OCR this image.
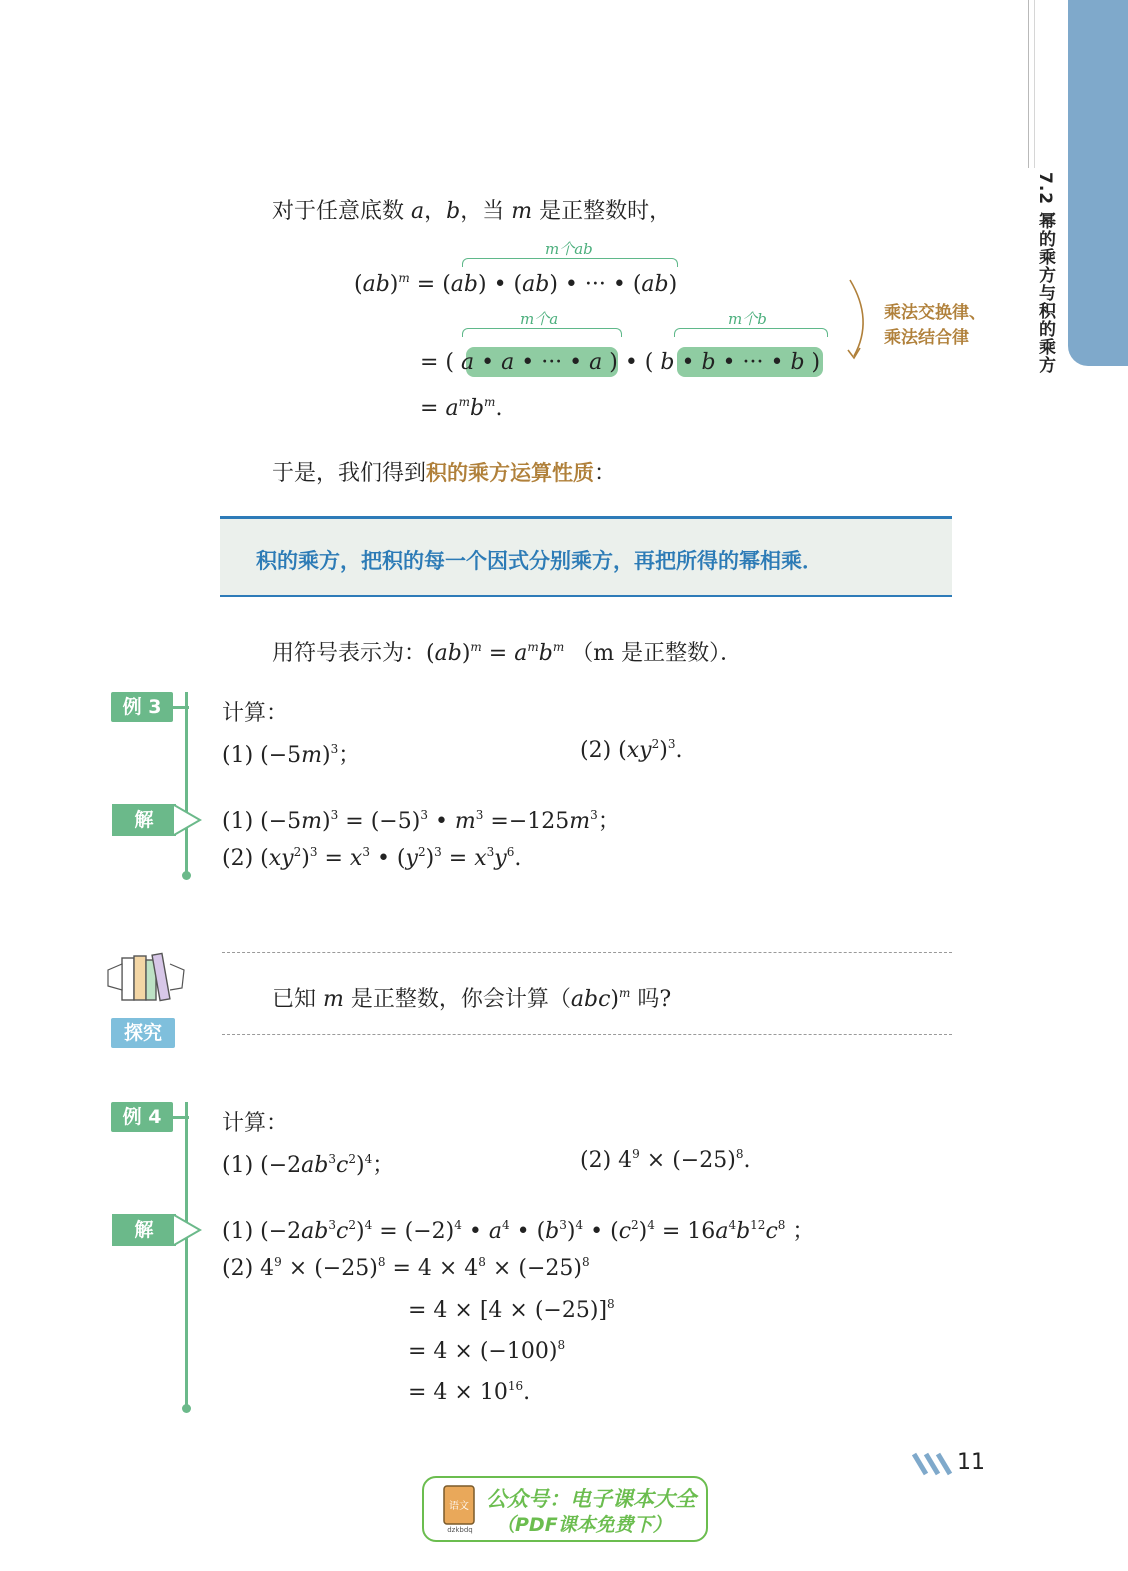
7.2 幂的乘方与积的乘方
对于任意底数 a，b，当 m 是正整数时，
m个ab
(ab)$^m$ = (ab) • (ab) • ··· • (ab)
m个a	m个b
= ( a • a • ··· • a ) • ( b • b • ··· • b )
乘法交换律、
乘法结合律
= $a^mb^m$.
于是，我们得到积的乘方运算性质：
积的乘方，把积的每一个因式分别乘方，再把所得的幂相乘．
用符号表示为：$(ab)^m = a^mb^m$ （m 是正整数）．
例 3	计算：
(1) $(-5m)^3$；	(2) $(xy^2)^3$.
解	(1) $(-5m)^3 = (-5)^3$ • $m^3 =-125m^3$；
(2) $(xy^2)^3 = x^3$ • $(y^2)^3 = x^3y^6$.
探究
已知 m 是正整数，你会计算（abc)$^m$ 吗?
例 4	计算：
(1) $(-2ab^3c^2)^4$；	(2) $4^9 \times (-25)^8$.
解	(1) $(-2ab^3c^2)^4 = (-2)^4$ • $a^4$ • $(b^3)^4$ • $(c^2)^4 = 16a^4b^{12}c^8$ ；
(2) $4^9 \times (-25)^8 = 4 \times 4^8 \times (-25)^8$
= $4 \times [4 \times (-25)]^8$
= $4 \times (-100)^8$
= $4 \times 10^{16}$.
11
语文
dzkbdq
公众号：电子课本大全
（PDF课本免费下）
